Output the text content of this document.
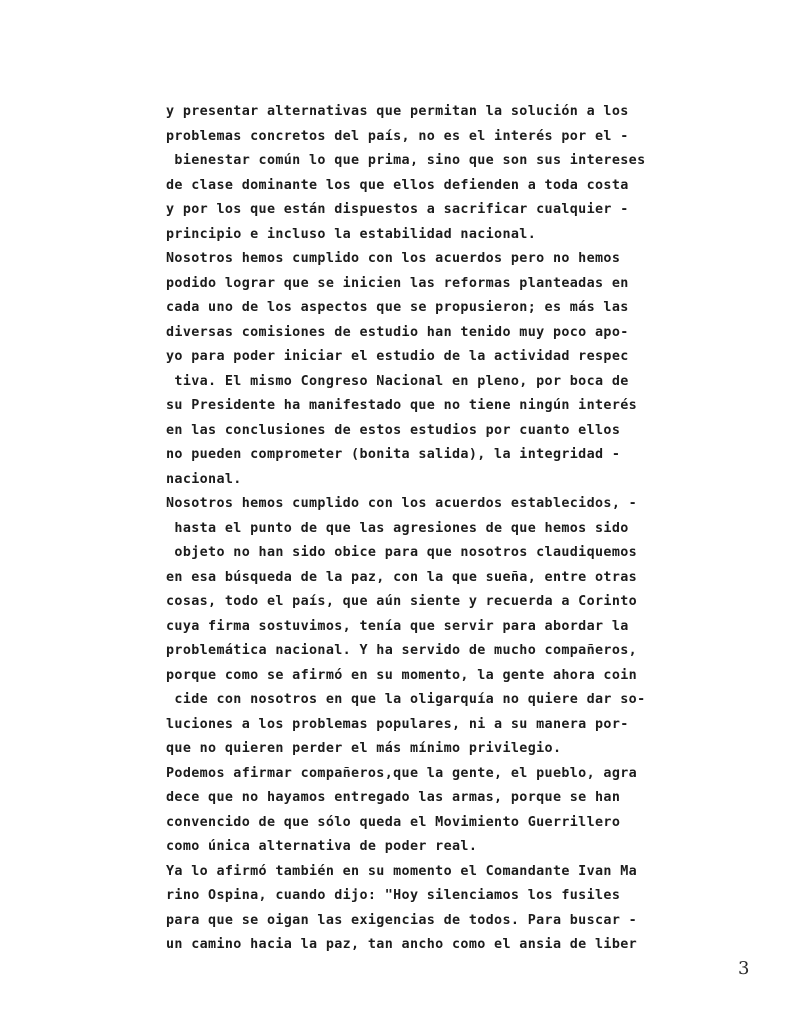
y presentar alternativas que permitan la solución a los
problemas concretos del país, no es el interés por el -
bienestar común lo que prima, sino que son sus intereses
de clase dominante los que ellos defienden a toda costa
y por los que están dispuestos a sacrificar cualquier -
principio e incluso la estabilidad nacional.
Nosotros hemos cumplido con los acuerdos pero no hemos
podido lograr que se inicien las reformas planteadas en
cada uno de los aspectos que se propusieron; es más las
diversas comisiones de estudio han tenido muy poco apo-
yo para poder iniciar el estudio de la actividad respec
tiva. El mismo Congreso Nacional en pleno, por boca de
su Presidente ha manifestado que no tiene ningún interés
en las conclusiones de estos estudios por cuanto ellos
no pueden comprometer (bonita salida), la integridad -
nacional.
Nosotros hemos cumplido con los acuerdos establecidos, -
hasta el punto de que las agresiones de que hemos sido
objeto no han sido obice para que nosotros claudiquemos
en esa búsqueda de la paz, con la que sueña, entre otras
cosas, todo el país, que aún siente y recuerda a Corinto
cuya firma sostuvimos, tenía que servir para abordar la
problemática nacional. Y ha servido de mucho compañeros,
porque como se afirmó en su momento, la gente ahora coin
cide con nosotros en que la oligarquía no quiere dar so-
luciones a los problemas populares, ni a su manera por-
que no quieren perder el más mínimo privilegio.
Podemos afirmar compañeros,que la gente, el pueblo, agra
dece que no hayamos entregado las armas, porque se han
convencido de que sólo queda el Movimiento Guerrillero
como única alternativa de poder real.
Ya lo afirmó también en su momento el Comandante Ivan Ma
rino Ospina, cuando dijo: "Hoy silenciamos los fusiles
para que se oigan las exigencias de todos. Para buscar -
un camino hacia la paz, tan ancho como el ansia de liber
3
